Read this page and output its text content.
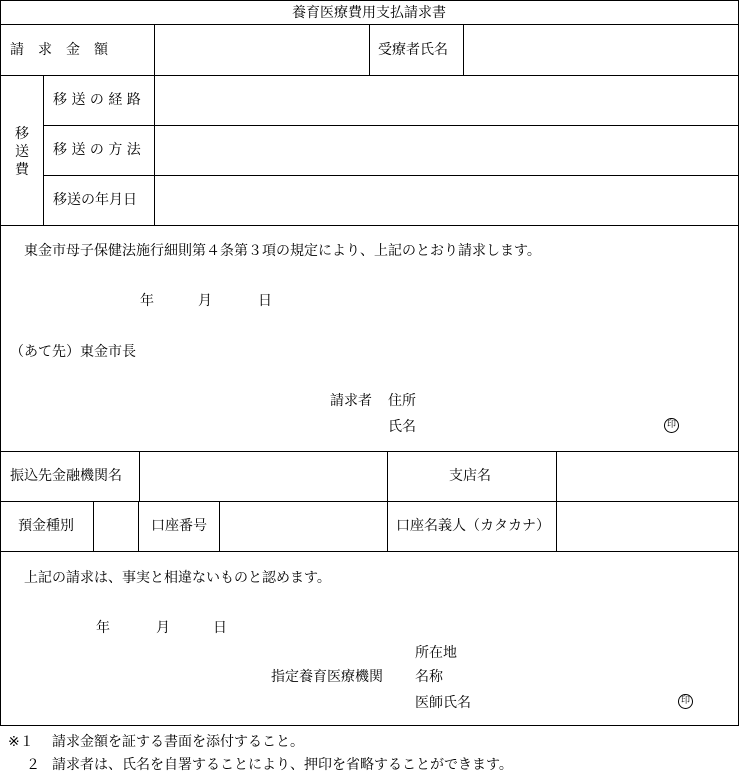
養育医療費用支払請求書
請　求　金　額	受療者氏名
移
送
費
移 送 の 経 路
移 送 の 方 法
移送の年月日
東金市母子保健法施行細則第４条第３項の規定により、上記のとおり請求します。
年	月	日
（あて先）東金市長
請求者 住所
氏名	印
振込先金融機関名	支店名
預金種別	口座番号	口座名義人（カタカナ）
上記の請求は、事実と相違ないものと認めます。
年	月	日
所在地
指定養育医療機関 名称
医師氏名	印
※１ 請求金額を証する書面を添付すること。
２ 請求者は、氏名を自署することにより、押印を省略することができます。
